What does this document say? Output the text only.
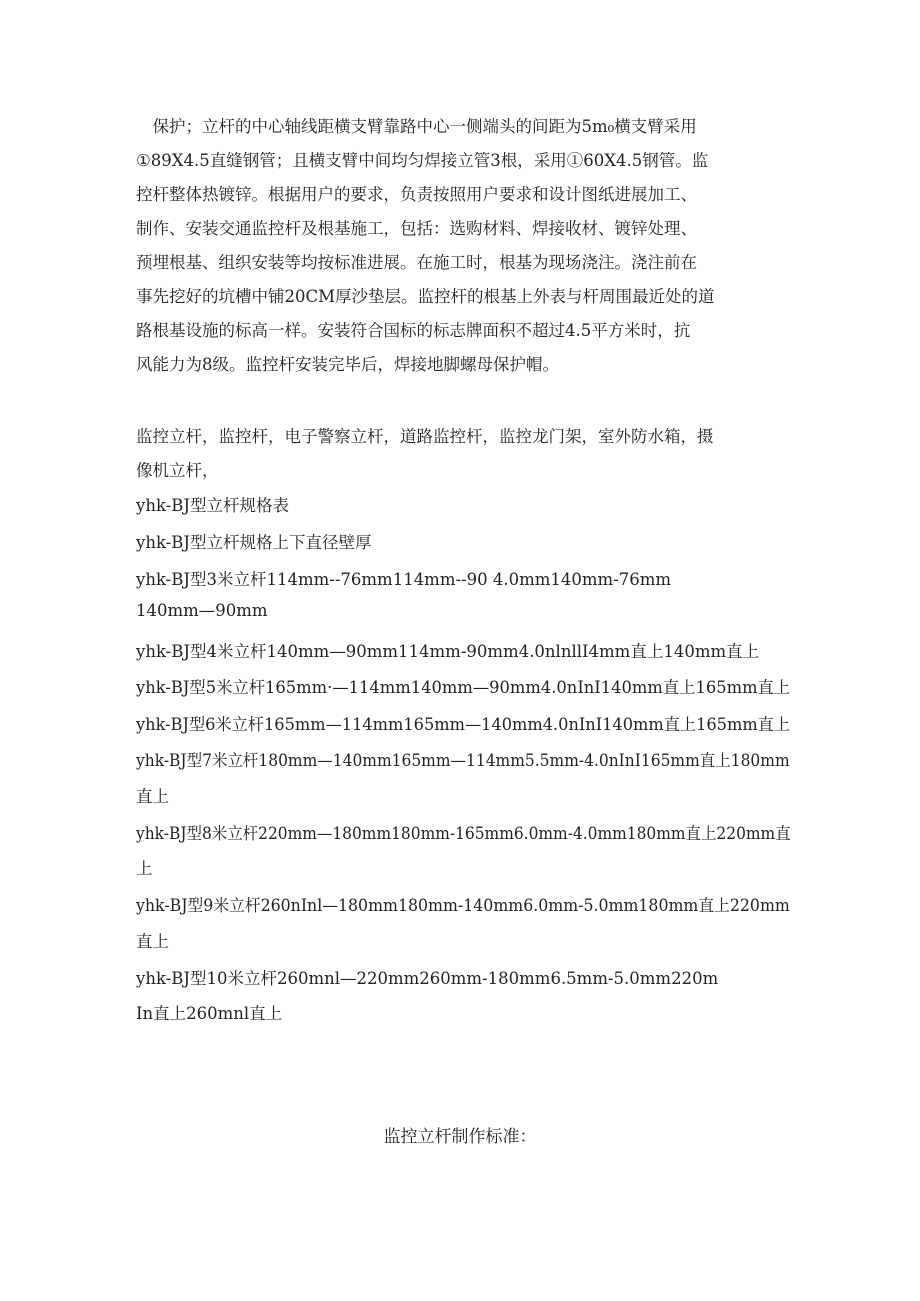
　保护；立杆的中心轴线距横支臂靠路中心一侧端头的间距为5m₀横支臂采用
①89X4.5直缝钢管；且横支臂中间均匀焊接立管3根，采用①60X4.5钢管。监
控杆整体热镀锌。根据用户的要求，负责按照用户要求和设计图纸进展加工、
制作、安装交通监控杆及根基施工，包括：选购材料、焊接收材、镀锌处理、
预埋根基、组织安装等均按标准进展。在施工时，根基为现场浇注。浇注前在
事先挖好的坑槽中铺20CM厚沙垫层。监控杆的根基上外表与杆周围最近处的道
路根基设施的标高一样。安装符合国标的标志牌面积不超过4.5平方米时，抗
风能力为8级。监控杆安装完毕后，焊接地脚螺母保护帽。
监控立杆，监控杆，电子警察立杆，道路监控杆，监控龙门架，室外防水箱，摄
像机立杆，
yhk-BJ型立杆规格表
yhk-BJ型立杆规格上下直径壁厚
yhk-BJ型3米立杆114mm--76mm114mm--90 4.0mm140mm-76mm
140mm—90mm
yhk-BJ型4米立杆140mm—90mm114mm-90mm4.0nlnllI4mm直上140mm直上
yhk-BJ型5米立杆165mm·—114mm140mm—90mm4.0nInI140mm直上165mm直上
yhk-BJ型6米立杆165mm—114mm165mm—140mm4.0nInI140mm直上165mm直上
yhk-BJ型7米立杆180mm—140mm165mm—114mm5.5mm-4.0nInI165mm直上180mm
直上
yhk-BJ型8米立杆220mm—180mm180mm-165mm6.0mm-4.0mm180mm直上220mm直
上
yhk-BJ型9米立杆260nInl—180mm180mm-140mm6.0mm-5.0mm180mm直上220mm
直上
yhk-BJ型10米立杆260mnl—220mm260mm-180mm6.5mm-5.0mm220m
In直上260mnl直上
监控立杆制作标准：
